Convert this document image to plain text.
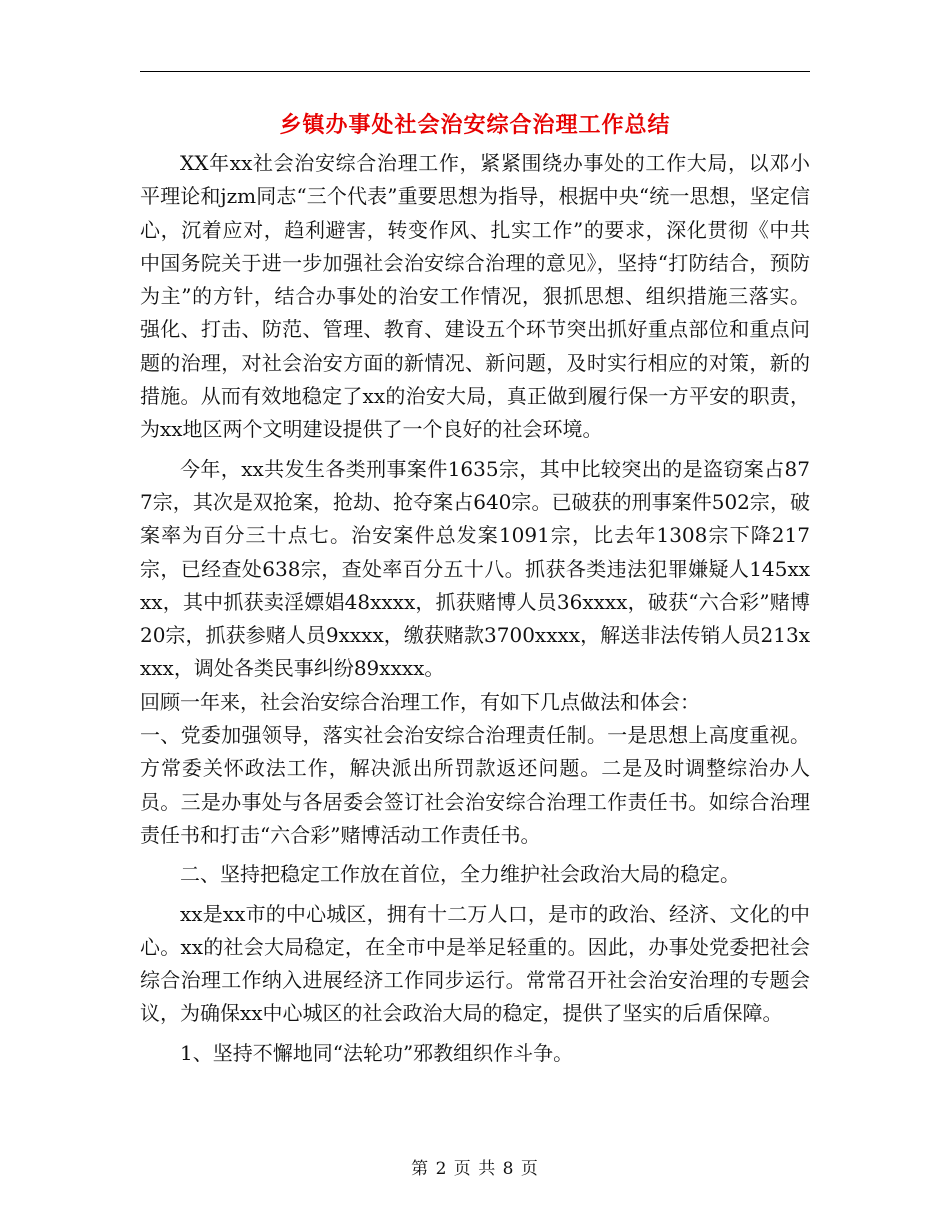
乡镇办事处社会治安综合治理工作总结

XX年xx社会治安综合治理工作，紧紧围绕办事处的工作大局，以邓小平理论和jzm同志“三个代表”重要思想为指导，根据中央“统一思想，坚定信心，沉着应对，趋利避害，转变作风、扎实工作”的要求，深化贯彻《中共中国务院关于进一步加强社会治安综合治理的意见》，坚持“打防结合，预防为主”的方针，结合办事处的治安工作情况，狠抓思想、组织措施三落实。强化、打击、防范、管理、教育、建设五个环节突出抓好重点部位和重点问题的治理，对社会治安方面的新情况、新问题，及时实行相应的对策，新的措施。从而有效地稳定了xx的治安大局，真正做到履行保一方平安的职责，为xx地区两个文明建设提供了一个良好的社会环境。

今年，xx共发生各类刑事案件1635宗，其中比较突出的是盗窃案占877宗，其次是双抢案，抢劫、抢夺案占640宗。已破获的刑事案件502宗，破案率为百分三十点七。治安案件总发案1091宗，比去年1308宗下降217宗，已经查处638宗，查处率百分五十八。抓获各类违法犯罪嫌疑人145xxxx，其中抓获卖淫嫖娼48xxxx，抓获赌博人员36xxxx，破获“六合彩”赌博20宗，抓获参赌人员9xxxx，缴获赌款3700xxxx，解送非法传销人员213xxxx，调处各类民事纠纷89xxxx。

回顾一年来，社会治安综合治理工作，有如下几点做法和体会：

一、党委加强领导，落实社会治安综合治理责任制。一是思想上高度重视。方常委关怀政法工作，解决派出所罚款返还问题。二是及时调整综治办人员。三是办事处与各居委会签订社会治安综合治理工作责任书。如综合治理责任书和打击“六合彩”赌博活动工作责任书。

二、坚持把稳定工作放在首位，全力维护社会政治大局的稳定。

xx是xx市的中心城区，拥有十二万人口，是市的政治、经济、文化的中心。xx的社会大局稳定，在全市中是举足轻重的。因此，办事处党委把社会综合治理工作纳入进展经济工作同步运行。常常召开社会治安治理的专题会议，为确保xx中心城区的社会政治大局的稳定，提供了坚实的后盾保障。

1、坚持不懈地同“法轮功”邪教组织作斗争。

第 2 页 共 8 页
